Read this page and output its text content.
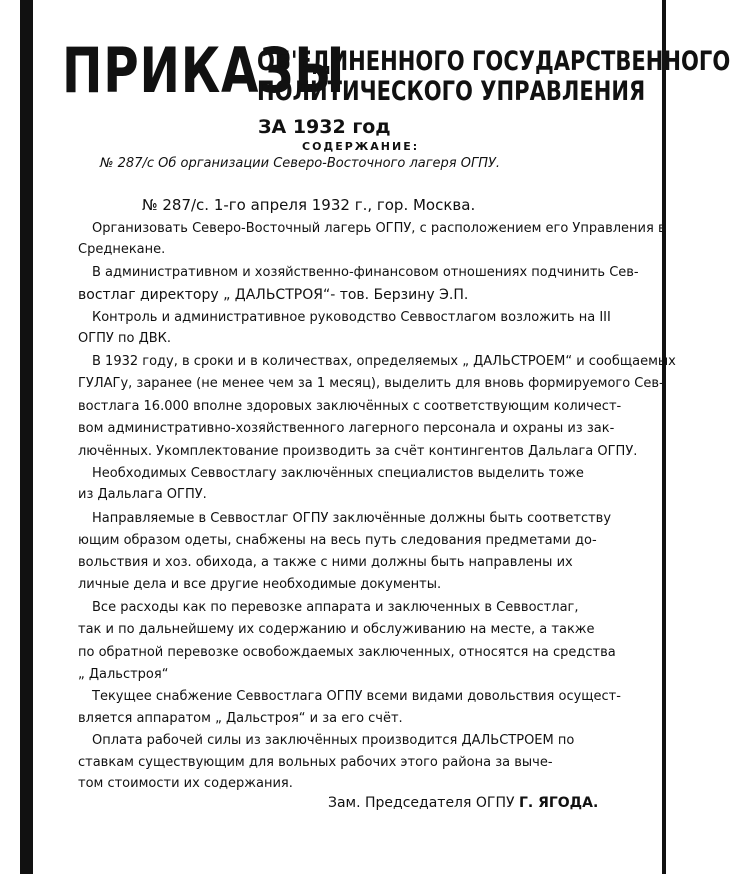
ПРИКАЗЫ
ОБ'ЕДИНЕННОГО ГОСУДАРСТВЕННОГО
ПОЛИТИЧЕСКОГО УПРАВЛЕНИЯ
ЗА 1932 год
СОДЕРЖАНИЕ:
№ 287/с Об организации Северо-Восточного лагеря ОГПУ.
№ 287/с. 1-го апреля 1932 г., гор. Москва.
Организовать Северо-Восточный лагерь ОГПУ, с расположением его Управления в
Среднекане.
В административном и хозяйственно-финансовом отношениях подчинить Сев-
востлаг директору „ ДАЛЬСТРОЯ“- тов. Берзину Э.П.
Контроль и административное руководство Севвостлагом возложить на III
ОГПУ по ДВК.
В 1932 году, в сроки и в количествах, определяемых „ ДАЛЬСТРОЕМ“ и сообщаемых
ГУЛАГу, заранее (не менее чем за 1 месяц), выделить для вновь формируемого Сев-
востлага 16.000 вполне здоровых заключённых с соответствующим количест-
вом административно-хозяйственного лагерного персонала и охраны из зак-
лючённых. Укомплектование производить за счёт контингентов Дальлага ОГПУ.
Необходимых Севвостлагу заключённых специалистов выделить тоже
из Дальлага ОГПУ.
Направляемые в Севвостлаг ОГПУ заключённые должны быть соответству
ющим образом одеты, снабжены на весь путь следования предметами до-
вольствия и хоз. обихода, а также с ними должны быть направлены их
личные дела и все другие необходимые документы.
Все расходы как по перевозке аппарата и заключенных в Севвостлаг,
так и по дальнейшему их содержанию и обслуживанию на месте, а также
по обратной перевозке освобождаемых заключенных, относятся на средства
„ Дальстроя“
Текущее снабжение Севвостлага ОГПУ всеми видами довольствия осущест-
вляется аппаратом „ Дальстроя“ и за его счёт.
Оплата рабочей силы из заключённых производится ДАЛЬСТРОЕМ по
ставкам существующим для вольных рабочих этого района за выче-
том стоимости их содержания.
Зам. Председателя ОГПУ Г. ЯГОДА.
